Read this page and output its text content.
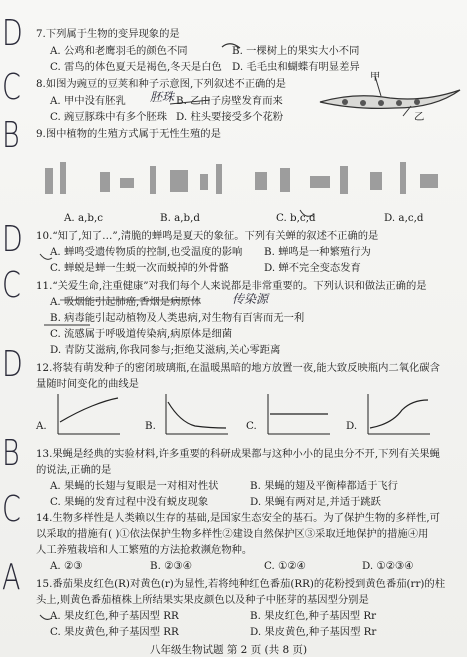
D
C
B
D
C
D
B
C
A
7.下列属于生物的变异现象的是
A. 公鸡和老鹰羽毛的颜色不同	B. 一棵树上的果实大小不同
C. 雷鸟的体色夏天是褐色,冬天是白色 D. 毛毛虫和蝴蝶有明显差异
8.如图为豌豆的豆荚和种子示意图,下列叙述不正确的是
A. 甲中没有胚乳	B. 乙由子房壁发育而来
C. 豌豆豚珠中有多个胚珠 D. 柱头要接受多个花粉
胚珠
甲
乙
9.图中植物的生殖方式属于无性生殖的是
A. a,b,c	B. a,b,d	C. b,c,d	D. a,c,d
10.“知了,知了…”,清脆的蝉鸣是夏天的象征。下列有关蝉的叙述不正确的是
A. 蝉鸣受遗传物质的控制,也受温度的影响 B. 蝉鸣是一种繁殖行为
C. 蝉蜕是蝉一生蜕一次而蜕掉的外骨骼	D. 蝉不完全变态发育
11.“关爱生命,注重健康”对我们每个人来说都是非常重要的。下列认识和做法正确的是
A. 吸烟能引起肺癌,香烟是病原体
B. 病毒能引起动植物及人类患病,对生物有百害而无一利
C. 流感属于呼吸道传染病,病原体是细菌
D. 青防艾滋病,你我同参与;拒绝艾滋病,关心零距离
传染源
12.将装有萌发种子的密闭玻璃瓶,在温暖黑暗的地方放置一夜,能大致反映瓶内二氧化碳含
量随时间变化的曲线是
A.	B.	C.	D.
13.果蝇是经典的实验材料,许多重要的科研成果都与这种小小的昆虫分不开,下列有关果蝇
的说法,正确的是
A. 果蝇的长翅与复眼是一对相对性状	B. 果蝇的翅及平衡棒都适于飞行
C. 果蝇的发育过程中没有蜕皮现象	D. 果蝇有两对足,并适于跳跃
14.生物多样性是人类赖以生存的基础,是国家生态安全的基石。为了保护生物的多样性,可
以采取的措施有( )①依法保护生物多样性②建设自然保护区③采取迁地保护的措施④用
人工养殖栽培和人工繁殖的方法抢救濒危物种。
A. ②③	B. ②③④	C. ①②④	D. ①②③④
15.番茄果皮红色(R)对黄色(r)为显性,若将纯种红色番茄(RR)的花粉授到黄色番茄(rr)的柱
头上,则黄色番茄植株上所结果实果皮颜色以及种子中胚芽的基因型分别是
A. 果皮红色,种子基因型 RR	B. 果皮红色,种子基因型 Rr
C. 果皮黄色,种子基因型 RR	D. 果皮黄色,种子基因型 Rr
八年级生物试题 第 2 页 (共 8 页)
